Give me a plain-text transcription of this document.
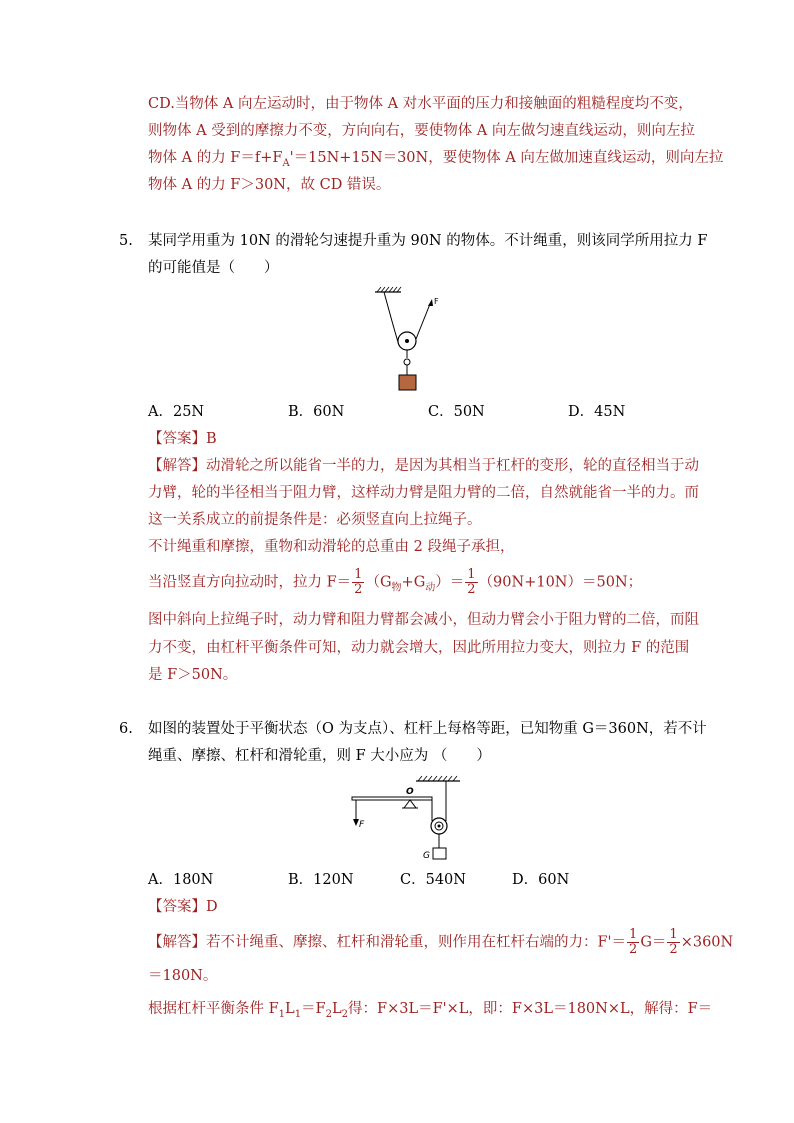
CD.当物体 A 向左运动时，由于物体 A 对水平面的压力和接触面的粗糙程度均不变，
则物体 A 受到的摩擦力不变，方向向右，要使物体 A 向左做匀速直线运动，则向左拉
物体 A 的力 $F=f+F_A'=15N+15N=30N$，要使物体 A 向左做加速直线运动，则向左拉
物体 A 的力 F＞30N，故 CD 错误。
5. 某同学用重为 10N 的滑轮匀速提升重为 90N 的物体。不计绳重，则该同学所用拉力 F
的可能值是（　　）
F
A．25N	B．60N	C．50N	D．45N
【答案】B
【解答】动滑轮之所以能省一半的力，是因为其相当于杠杆的变形，轮的直径相当于动
力臂，轮的半径相当于阻力臂，这样动力臂是阻力臂的二倍，自然就能省一半的力。而
这一关系成立的前提条件是：必须竖直向上拉绳子。
不计绳重和摩擦，重物和动滑轮的总重由 2 段绳子承担，
当沿竖直方向拉动时，拉力 $F= \frac{1}{2} (G_物+G_动)= \frac{1}{2} (90N+10N)=50N$；
图中斜向上拉绳子时，动力臂和阻力臂都会减小，但动力臂会小于阻力臂的二倍，而阻
力不变，由杠杆平衡条件可知，动力就会增大，因此所用拉力变大，则拉力 F 的范围
是 F＞50N。
6. 如图的装置处于平衡状态（O 为支点）、杠杆上每格等距，已知物重 G＝360N，若不计
绳重、摩擦、杠杆和滑轮重，则 F 大小应为 （　　）
O
F
G
A．180N	B．120N	C．540N	D．60N
【答案】D
【解答】若不计绳重、摩擦、杠杆和滑轮重，则作用在杠杆右端的力：$F'= \frac{1}{2} G= \frac{1}{2} \times 360N$
＝180N。
根据杠杆平衡条件 $F_1L_1=F_2L_2$得：F×3L＝F'×L，即：F×3L＝180N×L，解得：F＝
